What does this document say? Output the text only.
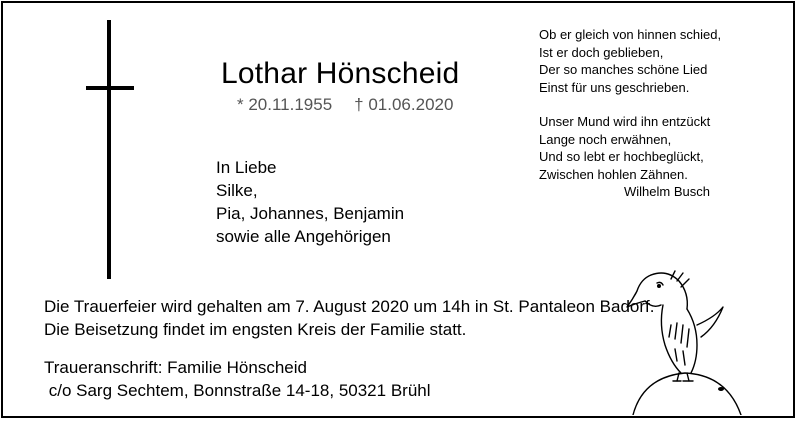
Lothar Hönscheid
* 20.11.1955 † 01.06.2020
In Liebe
Silke,
Pia, Johannes, Benjamin
sowie alle Angehörigen
Ob er gleich von hinnen schied,
Ist er doch geblieben,
Der so manches schöne Lied
Einst für uns geschrieben.
Unser Mund wird ihn entzückt
Lange noch erwähnen,
Und so lebt er hochbeglückt,
Zwischen hohlen Zähnen.
Wilhelm Busch
Die Trauerfeier wird gehalten am 7. August 2020 um 14h in St. Pantaleon Badorf.
Die Beisetzung findet im engsten Kreis der Familie statt.
Traueranschrift: Familie Hönscheid
c/o Sarg Sechtem, Bonnstraße 14-18, 50321 Brühl
